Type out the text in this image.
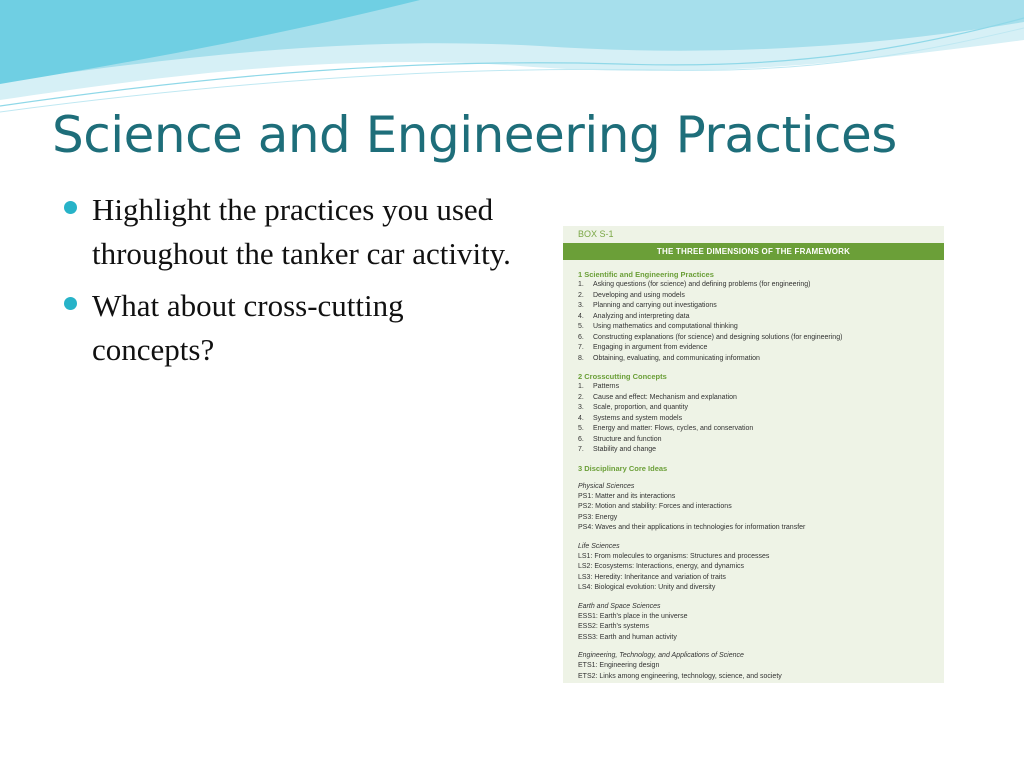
Science and Engineering Practices
Highlight the practices you used throughout the tanker car activity.
What about cross-cutting concepts?
BOX S-1
THE THREE DIMENSIONS OF THE FRAMEWORK
1 Scientific and Engineering Practices
1. Asking questions (for science) and defining problems (for engineering)
2. Developing and using models
3. Planning and carrying out investigations
4. Analyzing and interpreting data
5. Using mathematics and computational thinking
6. Constructing explanations (for science) and designing solutions (for engineering)
7. Engaging in argument from evidence
8. Obtaining, evaluating, and communicating information
2 Crosscutting Concepts
1. Patterns
2. Cause and effect: Mechanism and explanation
3. Scale, proportion, and quantity
4. Systems and system models
5. Energy and matter: Flows, cycles, and conservation
6. Structure and function
7. Stability and change
3 Disciplinary Core Ideas
Physical Sciences
PS1: Matter and its interactions
PS2: Motion and stability: Forces and interactions
PS3: Energy
PS4: Waves and their applications in technologies for information transfer
Life Sciences
LS1: From molecules to organisms: Structures and processes
LS2: Ecosystems: Interactions, energy, and dynamics
LS3: Heredity: Inheritance and variation of traits
LS4: Biological evolution: Unity and diversity
Earth and Space Sciences
ESS1: Earth's place in the universe
ESS2: Earth's systems
ESS3: Earth and human activity
Engineering, Technology, and Applications of Science
ETS1: Engineering design
ETS2: Links among engineering, technology, science, and society
